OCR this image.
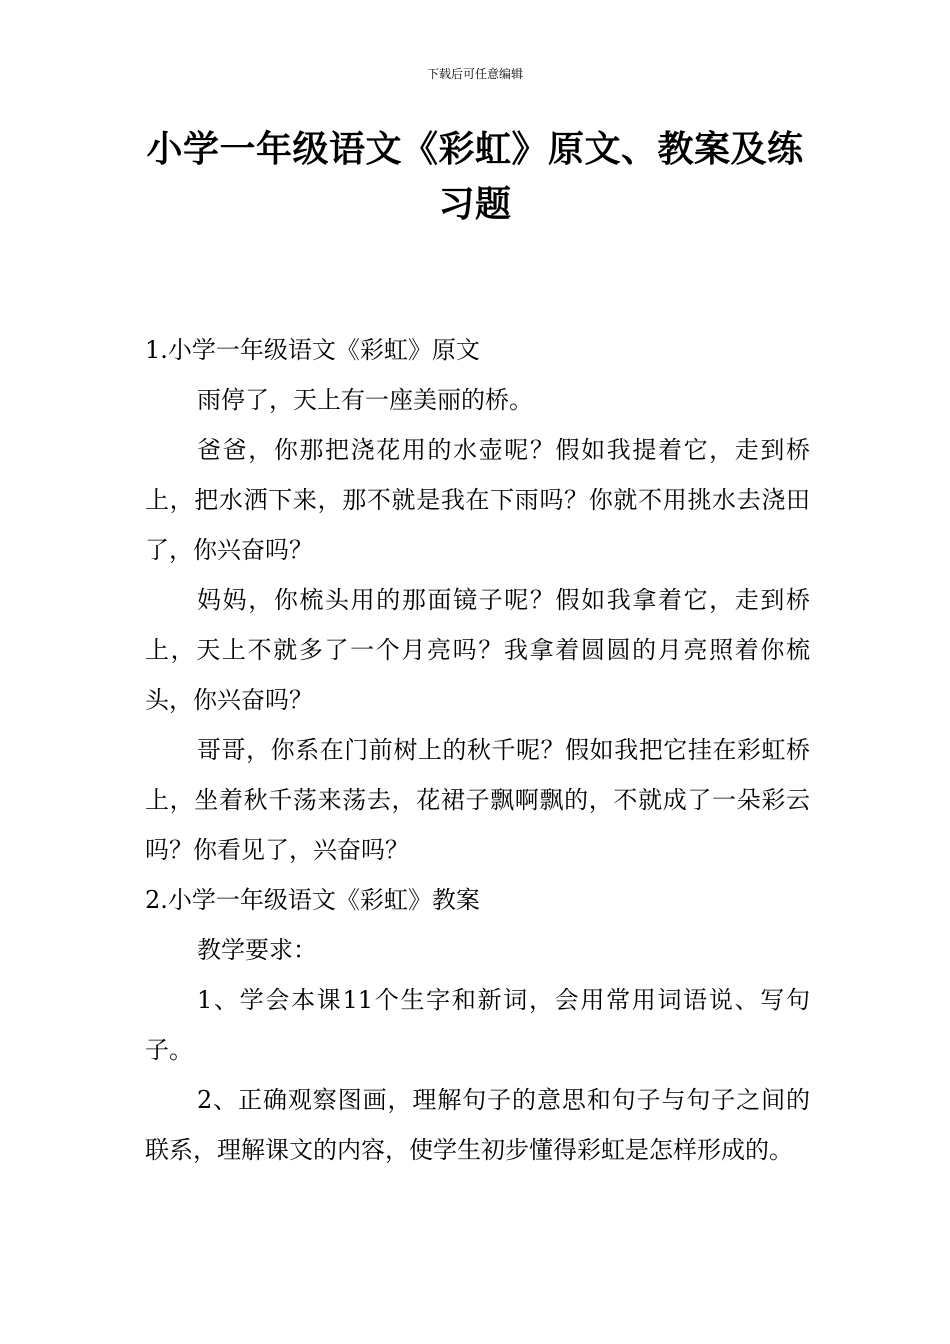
下载后可任意编辑
小学一年级语文《彩虹》原文、教案及练习题

1.小学一年级语文《彩虹》原文

雨停了，天上有一座美丽的桥。

爸爸，你那把浇花用的水壶呢？假如我提着它，走到桥上，把水洒下来，那不就是我在下雨吗？你就不用挑水去浇田了，你兴奋吗？

妈妈，你梳头用的那面镜子呢？假如我拿着它，走到桥上，天上不就多了一个月亮吗？我拿着圆圆的月亮照着你梳头，你兴奋吗？

哥哥，你系在门前树上的秋千呢？假如我把它挂在彩虹桥上，坐着秋千荡来荡去，花裙子飘啊飘的，不就成了一朵彩云吗？你看见了，兴奋吗？

2.小学一年级语文《彩虹》教案

教学要求：

1、学会本课11个生字和新词，会用常用词语说、写句子。

2、正确观察图画，理解句子的意思和句子与句子之间的联系，理解课文的内容，使学生初步懂得彩虹是怎样形成的。
